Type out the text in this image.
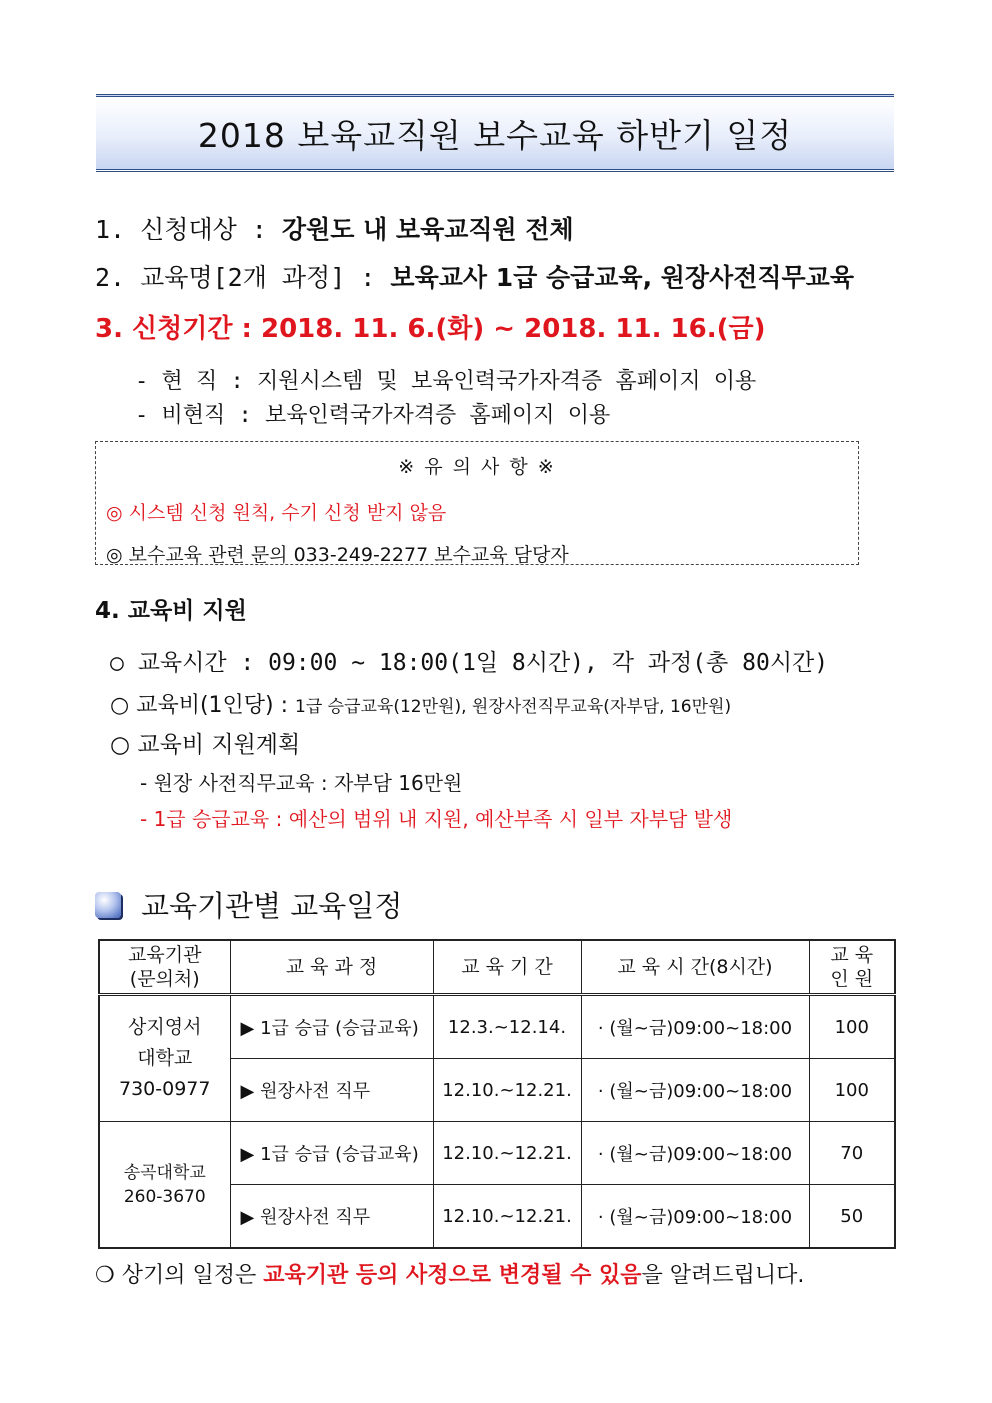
2018 보육교직원 보수교육 하반기 일정
1. 신청대상 : 강원도 내 보육교직원 전체
2. 교육명[2개 과정] : 보육교사 1급 승급교육, 원장사전직무교육
3. 신청기간 : 2018. 11. 6.(화) ~ 2018. 11. 16.(금)
- 현 직 : 지원시스템 및 보육인력국가자격증 홈페이지 이용
- 비현직 : 보육인력국가자격증 홈페이지 이용
※ 유 의 사 항 ※
◎ 시스템 신청 원칙, 수기 신청 받지 않음
◎ 보수교육 관련 문의 033-249-2277 보수교육 담당자
4. 교육비 지원
○ 교육시간 : 09:00 ~ 18:00(1일 8시간), 각 과정(총 80시간)
○ 교육비(1인당) : 1급 승급교육(12만원), 원장사전직무교육(자부담, 16만원)
○ 교육비 지원계획
- 원장 사전직무교육 : 자부담 16만원
- 1급 승급교육 : 예산의 범위 내 지원, 예산부족 시 일부 자부담 발생
교육기관별 교육일정
교육기관
(문의처)	교 육 과 정	교 육 기 간	교 육 시 간(8시간)	교 육
인 원
상지영서
대학교
730-0977	▶ 1급 승급 (승급교육)	12.3.~12.14.	· (월~금)09:00~18:00	100
	▶ 원장사전 직무	12.10.~12.21.	· (월~금)09:00~18:00	100
송곡대학교
260-3670	▶ 1급 승급 (승급교육)	12.10.~12.21.	· (월~금)09:00~18:00	70
	▶ 원장사전 직무	12.10.~12.21.	· (월~금)09:00~18:00	50
❍ 상기의 일정은 교육기관 등의 사정으로 변경될 수 있음을 알려드립니다.
